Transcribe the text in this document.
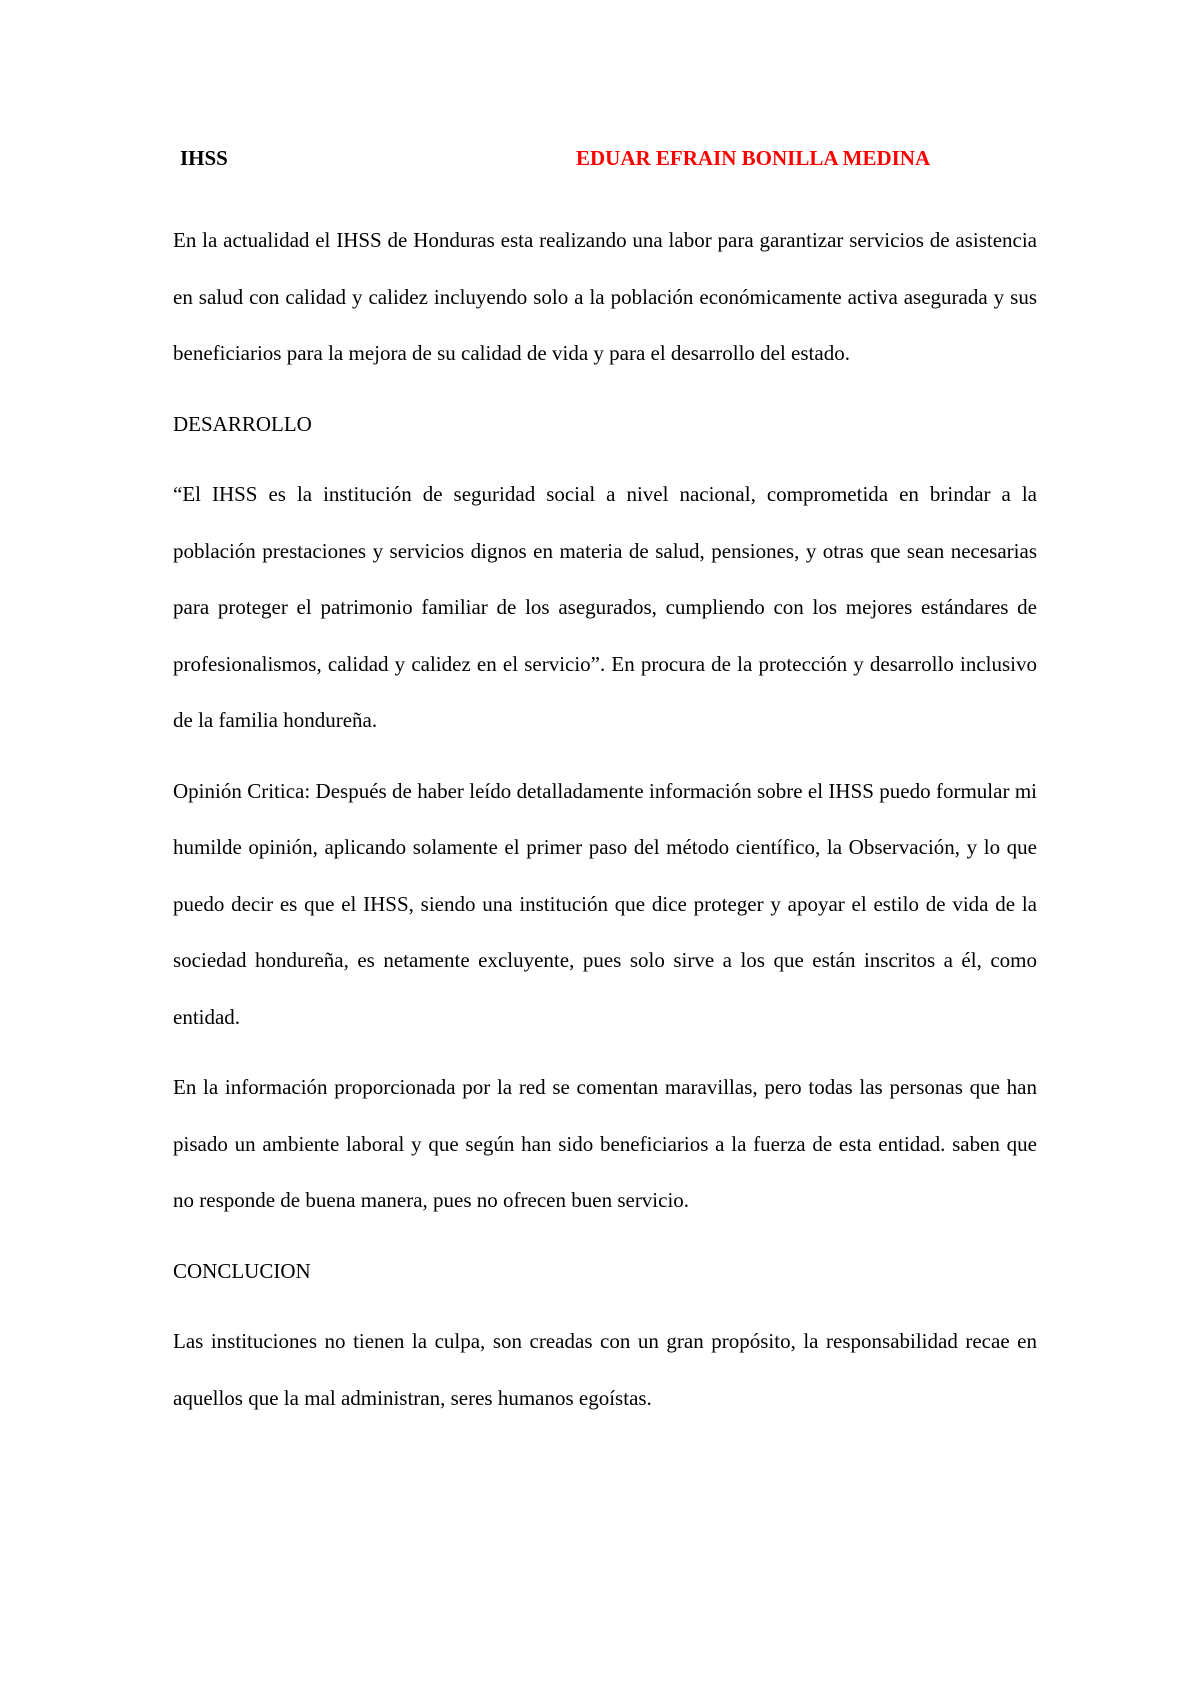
IHSS	EDUAR EFRAIN BONILLA MEDINA

En la actualidad el IHSS de Honduras esta realizando una labor para garantizar servicios de asistencia en salud con calidad y calidez incluyendo solo a la población económicamente activa asegurada y sus beneficiarios para la mejora de su calidad de vida y para el desarrollo del estado.

DESARROLLO

“El IHSS es la institución de seguridad social a nivel nacional, comprometida en brindar a la población prestaciones y servicios dignos en materia de salud, pensiones, y otras que sean necesarias para proteger el patrimonio familiar de los asegurados, cumpliendo con los mejores estándares de profesionalismos, calidad y calidez en el servicio”. En procura de la protección y desarrollo inclusivo de la familia hondureña.

Opinión Critica: Después de haber leído detalladamente información sobre el IHSS puedo formular mi humilde opinión, aplicando solamente el primer paso del método científico, la Observación, y lo que puedo decir es que el IHSS, siendo una institución que dice proteger y apoyar el estilo de vida de la sociedad hondureña, es netamente excluyente, pues solo sirve a los que están inscritos a él, como entidad.

En la información proporcionada por la red se comentan maravillas, pero todas las personas que han pisado un ambiente laboral y que según han sido beneficiarios a la fuerza de esta entidad. saben que no responde de buena manera, pues no ofrecen buen servicio.

CONCLUCION

Las instituciones no tienen la culpa, son creadas con un gran propósito, la responsabilidad recae en aquellos que la mal administran, seres humanos egoístas.
